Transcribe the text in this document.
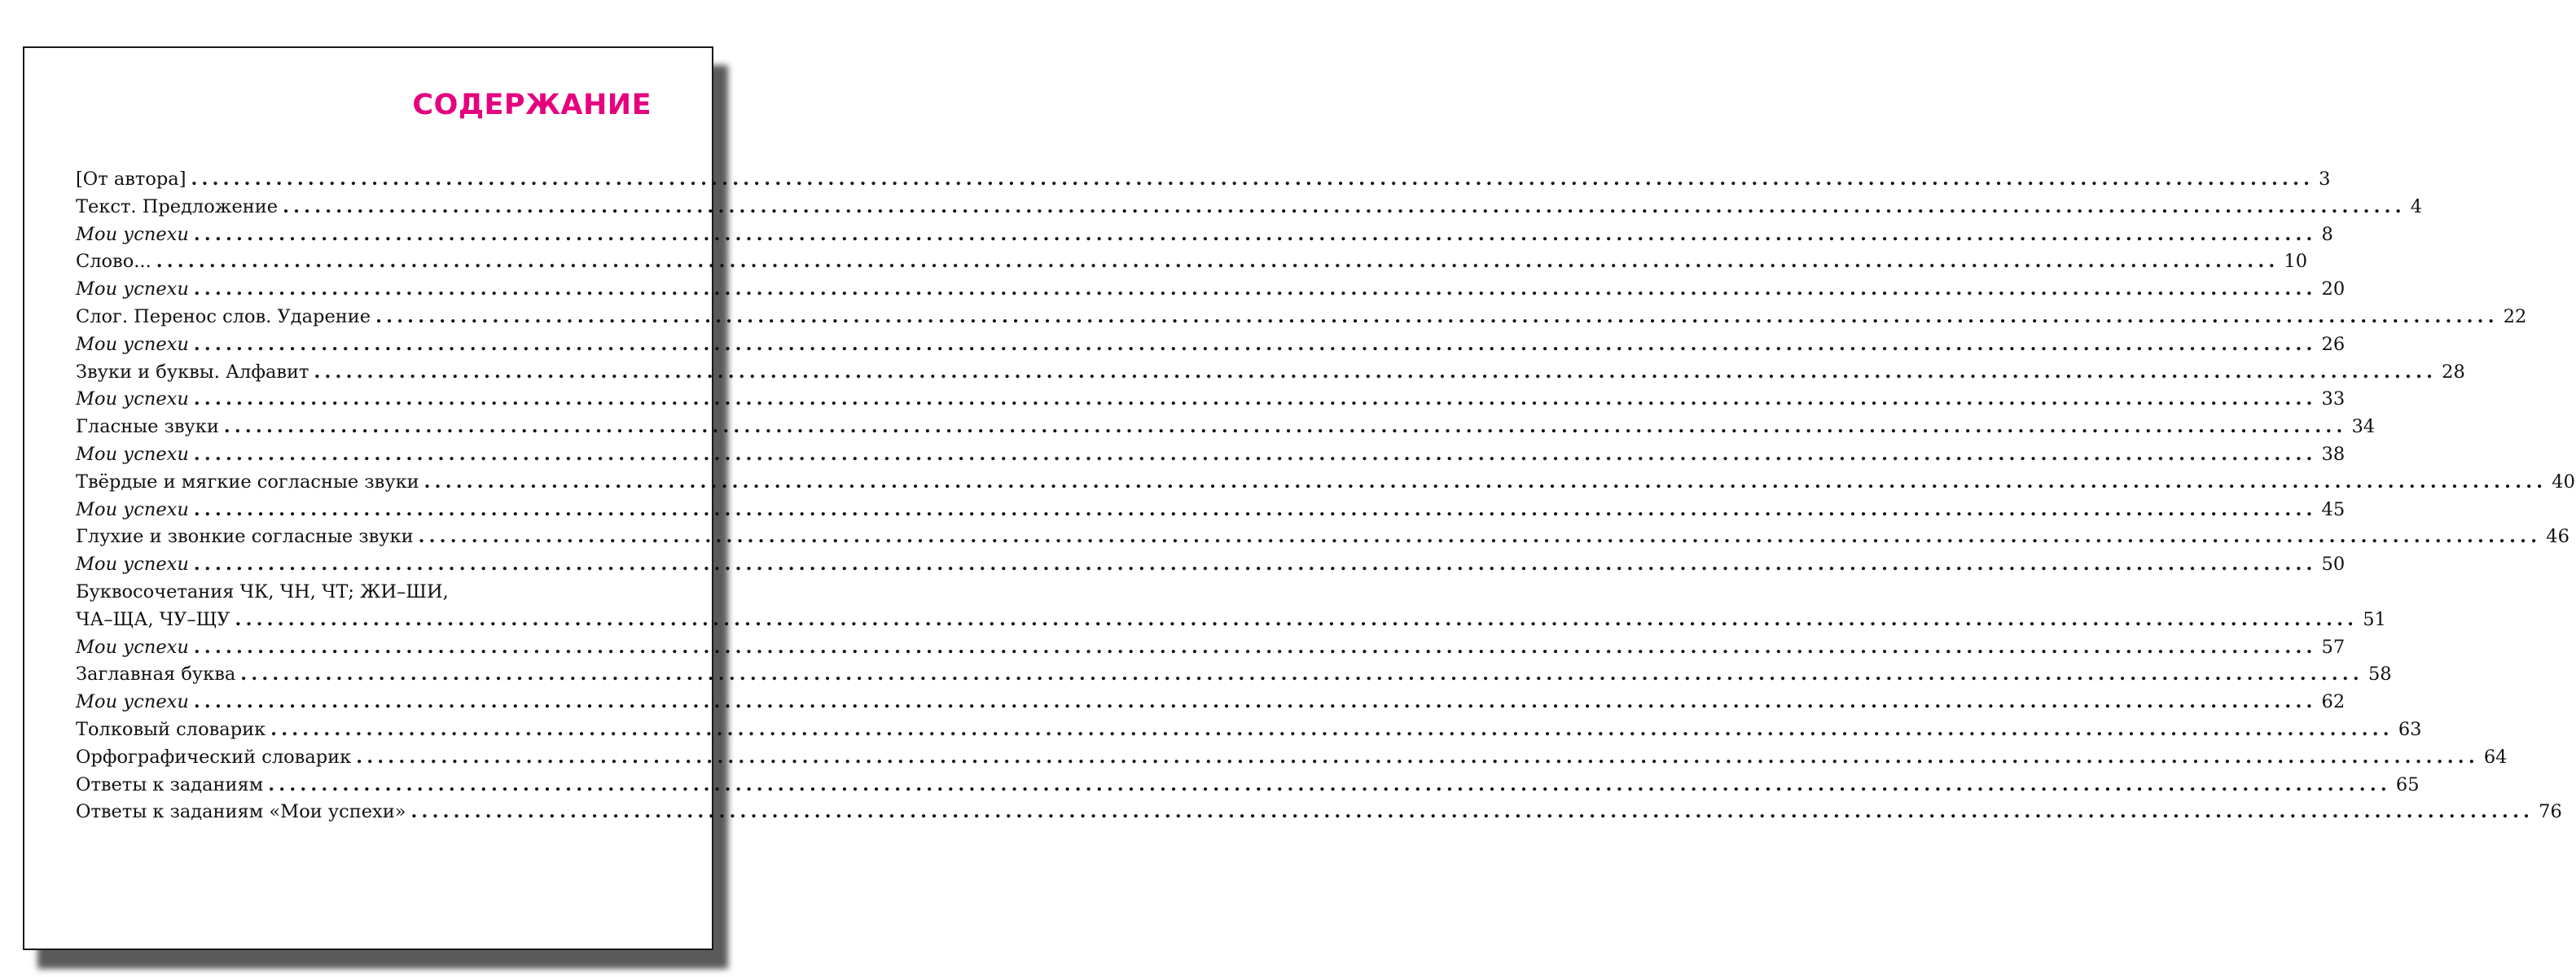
СОДЕРЖАНИЕ
[От автора] ........................................................................................................................................................................................................ 3
Текст. Предложение ........................................................................................................................................................................................................ 4
Мои успехи ........................................................................................................................................................................................................ 8
Слово... ........................................................................................................................................................................................................ 10
Мои успехи ........................................................................................................................................................................................................ 20
Слог. Перенос слов. Ударение ........................................................................................................................................................................................................ 22
Мои успехи ........................................................................................................................................................................................................ 26
Звуки и буквы. Алфавит ........................................................................................................................................................................................................ 28
Мои успехи ........................................................................................................................................................................................................ 33
Гласные звуки ........................................................................................................................................................................................................ 34
Мои успехи ........................................................................................................................................................................................................ 38
Твёрдые и мягкие согласные звуки ........................................................................................................................................................................................................ 40
Мои успехи ........................................................................................................................................................................................................ 45
Глухие и звонкие согласные звуки ........................................................................................................................................................................................................ 46
Мои успехи ........................................................................................................................................................................................................ 50
Буквосочетания ЧК, ЧН, ЧТ; ЖИ–ШИ,
ЧА–ЩА, ЧУ–ЩУ ........................................................................................................................................................................................................ 51
Мои успехи ........................................................................................................................................................................................................ 57
Заглавная буква ........................................................................................................................................................................................................ 58
Мои успехи ........................................................................................................................................................................................................ 62
Толковый словарик ........................................................................................................................................................................................................ 63
Орфографический словарик ........................................................................................................................................................................................................ 64
Ответы к заданиям ........................................................................................................................................................................................................ 65
Ответы к заданиям «Мои успехи» ........................................................................................................................................................................................................ 76
